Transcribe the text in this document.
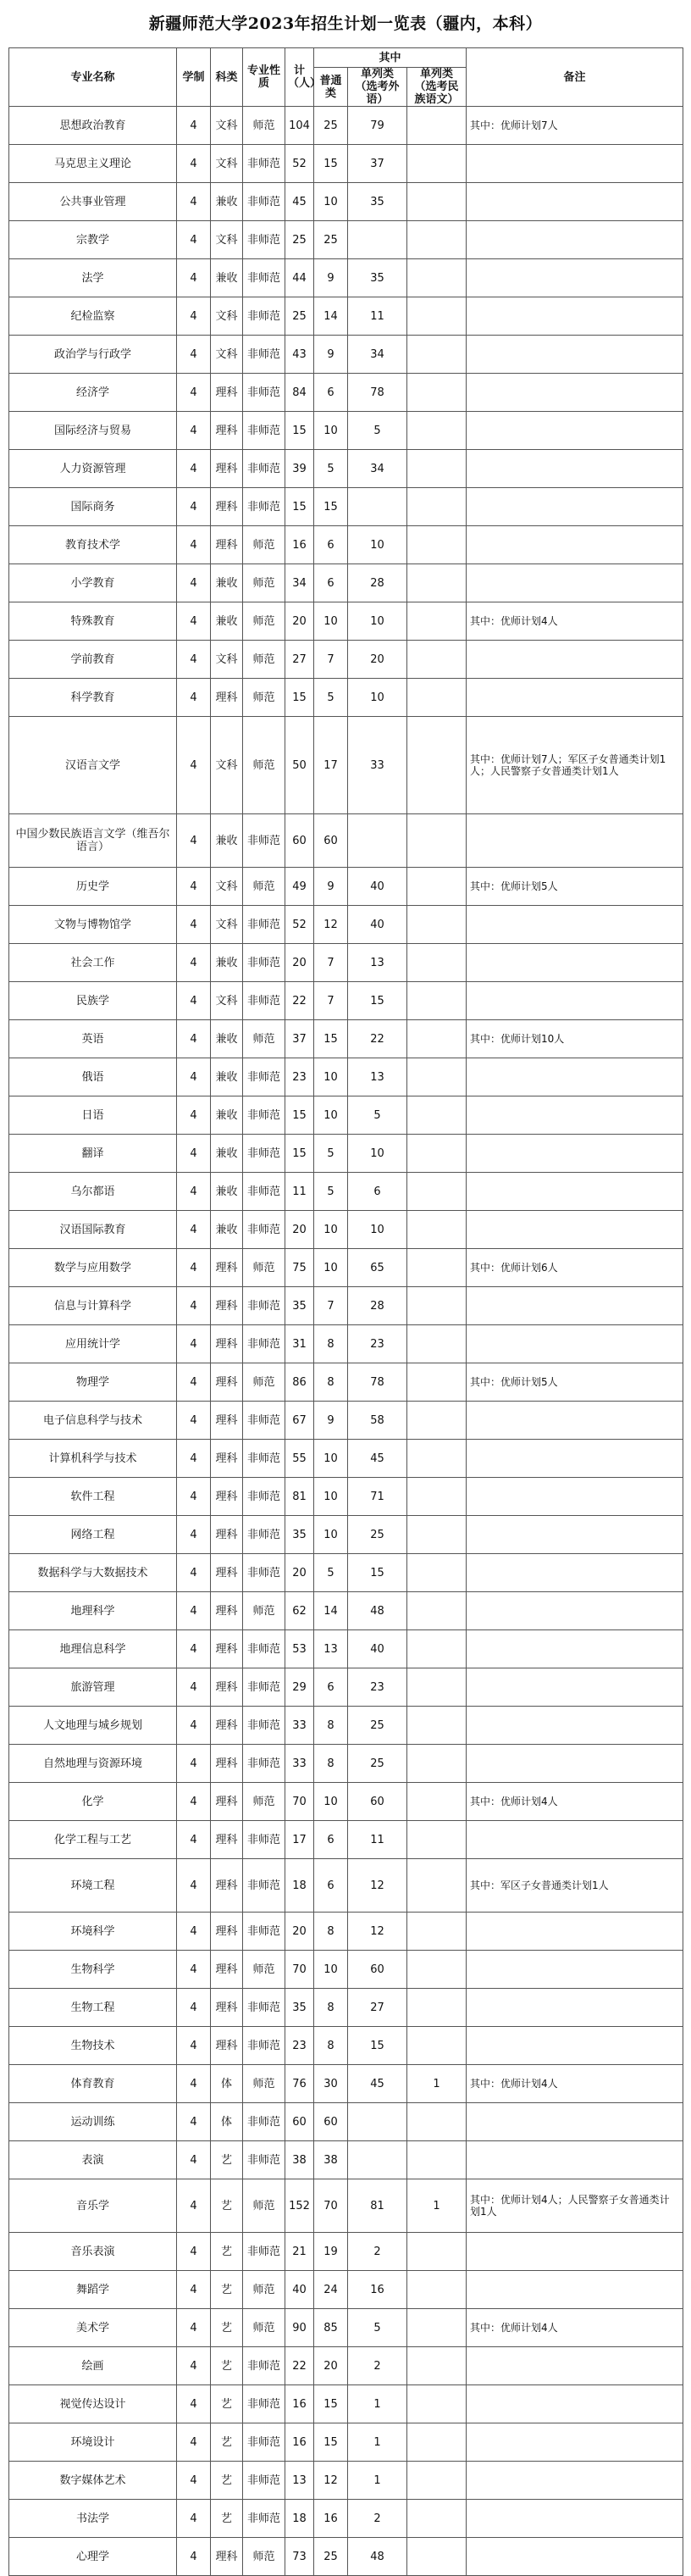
新疆师范大学2023年招生计划一览表（疆内，本科）
专业名称	学制	科类	专业性质	计（人）	其中			备注
					普通类	单列类（选考外语）	单列类（选考民族语文）	
思想政治教育	4	文科	师范	104	25	79		其中：优师计划7人
马克思主义理论	4	文科	非师范	52	15	37		
公共事业管理	4	兼收	非师范	45	10	35		
宗教学	4	文科	非师范	25	25			
法学	4	兼收	非师范	44	9	35		
纪检监察	4	文科	非师范	25	14	11		
政治学与行政学	4	文科	非师范	43	9	34		
经济学	4	理科	非师范	84	6	78		
国际经济与贸易	4	理科	非师范	15	10	5		
人力资源管理	4	理科	非师范	39	5	34		
国际商务	4	理科	非师范	15	15			
教育技术学	4	理科	师范	16	6	10		
小学教育	4	兼收	师范	34	6	28		
特殊教育	4	兼收	师范	20	10	10		其中：优师计划4人
学前教育	4	文科	师范	27	7	20		
科学教育	4	理科	师范	15	5	10		
汉语言文学	4	文科	师范	50	17	33		其中：优师计划7人；军区子女普通类计划1人；人民警察子女普通类计划1人
中国少数民族语言文学（维吾尔语言）	4	兼收	非师范	60	60			
历史学	4	文科	师范	49	9	40		其中：优师计划5人
文物与博物馆学	4	文科	非师范	52	12	40		
社会工作	4	兼收	非师范	20	7	13		
民族学	4	文科	非师范	22	7	15		
英语	4	兼收	师范	37	15	22		其中：优师计划10人
俄语	4	兼收	非师范	23	10	13		
日语	4	兼收	非师范	15	10	5		
翻译	4	兼收	非师范	15	5	10		
乌尔都语	4	兼收	非师范	11	5	6		
汉语国际教育	4	兼收	非师范	20	10	10		
数学与应用数学	4	理科	师范	75	10	65		其中：优师计划6人
信息与计算科学	4	理科	非师范	35	7	28		
应用统计学	4	理科	非师范	31	8	23		
物理学	4	理科	师范	86	8	78		其中：优师计划5人
电子信息科学与技术	4	理科	非师范	67	9	58		
计算机科学与技术	4	理科	非师范	55	10	45		
软件工程	4	理科	非师范	81	10	71		
网络工程	4	理科	非师范	35	10	25		
数据科学与大数据技术	4	理科	非师范	20	5	15		
地理科学	4	理科	师范	62	14	48		
地理信息科学	4	理科	非师范	53	13	40		
旅游管理	4	理科	非师范	29	6	23		
人文地理与城乡规划	4	理科	非师范	33	8	25		
自然地理与资源环境	4	理科	非师范	33	8	25		
化学	4	理科	师范	70	10	60		其中：优师计划4人
化学工程与工艺	4	理科	非师范	17	6	11		
环境工程	4	理科	非师范	18	6	12		其中：军区子女普通类计划1人
环境科学	4	理科	非师范	20	8	12		
生物科学	4	理科	师范	70	10	60		
生物工程	4	理科	非师范	35	8	27		
生物技术	4	理科	非师范	23	8	15		
体育教育	4	体	师范	76	30	45	1	其中：优师计划4人
运动训练	4	体	非师范	60	60			
表演	4	艺	非师范	38	38			
音乐学	4	艺	师范	152	70	81	1	其中：优师计划4人；人民警察子女普通类计划1人
音乐表演	4	艺	非师范	21	19	2		
舞蹈学	4	艺	师范	40	24	16		
美术学	4	艺	师范	90	85	5		其中：优师计划4人
绘画	4	艺	非师范	22	20	2		
视觉传达设计	4	艺	非师范	16	15	1		
环境设计	4	艺	非师范	16	15	1		
数字媒体艺术	4	艺	非师范	13	12	1		
书法学	4	艺	非师范	18	16	2		
心理学	4	理科	师范	73	25	48		
